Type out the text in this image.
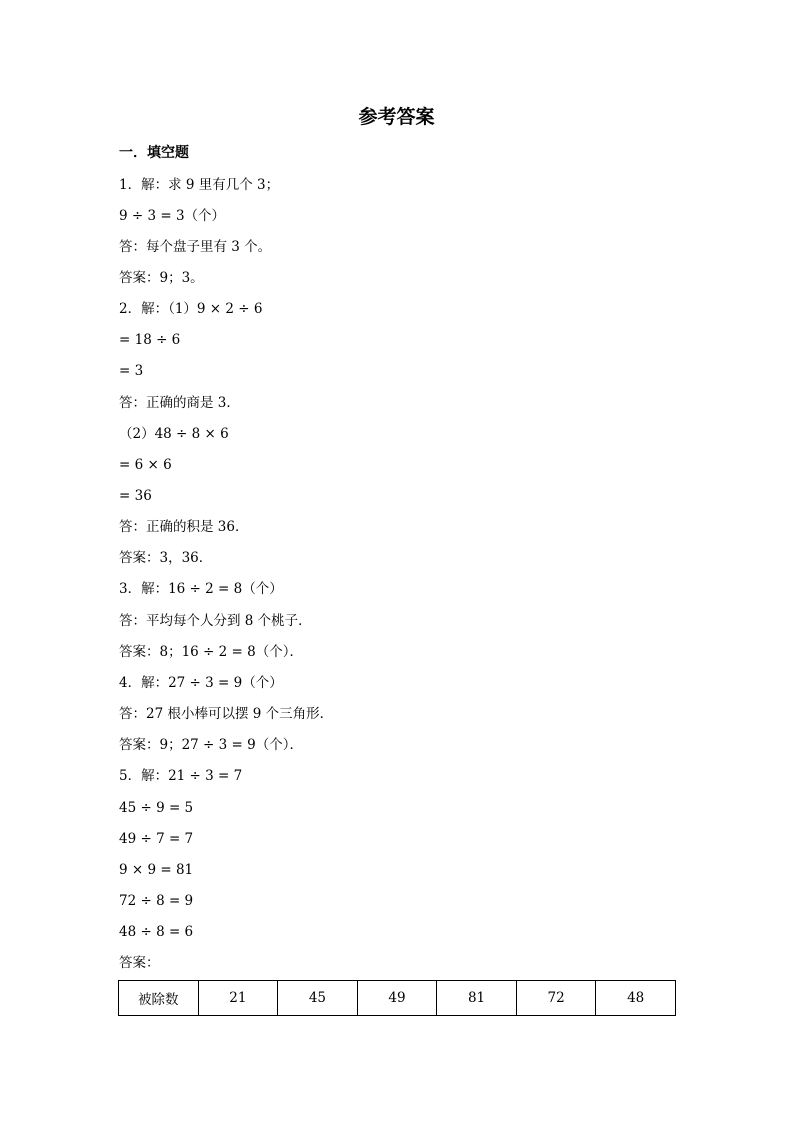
参考答案
一．填空题
1．解：求 9 里有几个 3；
9 ÷ 3 = 3（个）
答：每个盘子里有 3 个。
答案：9；3。
2．解：（1）9 × 2 ÷ 6
= 18 ÷ 6
= 3
答：正确的商是 3．
（2）48 ÷ 8 × 6
= 6 × 6
= 36
答：正确的积是 36．
答案：3，36．
3．解：16 ÷ 2 = 8（个）
答：平均每个人分到 8 个桃子．
答案：8；16 ÷ 2 = 8（个）．
4．解：27 ÷ 3 = 9（个）
答：27 根小棒可以摆 9 个三角形．
答案：9；27 ÷ 3 = 9（个）．
5．解：21 ÷ 3 = 7
45 ÷ 9 = 5
49 ÷ 7 = 7
9 × 9 = 81
72 ÷ 8 = 9
48 ÷ 8 = 6
答案：
被除数	21	45	49	81	72	48
